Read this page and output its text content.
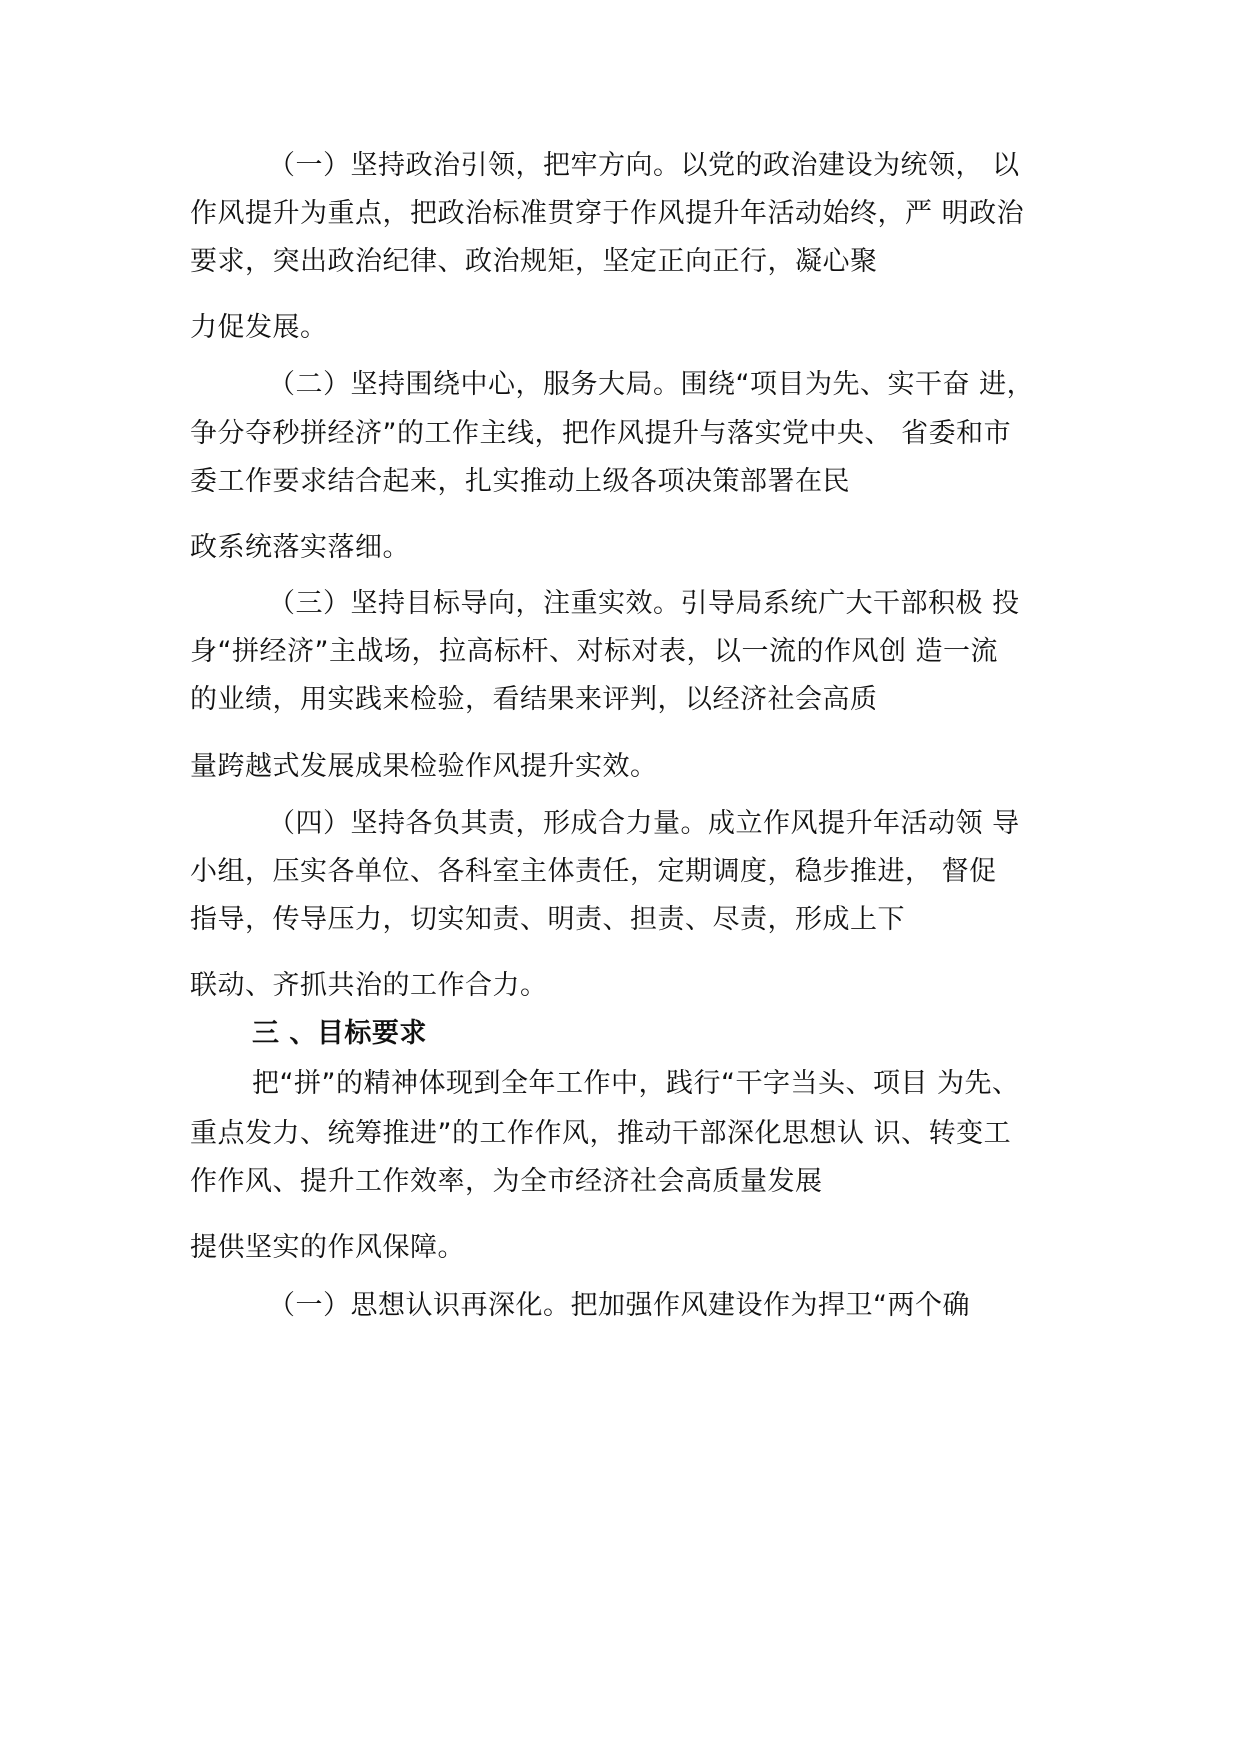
（一）坚持政治引领，把牢方向。以党的政治建设为统领， 以
作风提升为重点，把政治标准贯穿于作风提升年活动始终，严 明政治
要求，突出政治纪律、政治规矩，坚定正向正行，凝心聚
力促发展。
（二）坚持围绕中心，服务大局。围绕“项目为先、实干奋 进，
争分夺秒拼经济”的工作主线，把作风提升与落实党中央、 省委和市
委工作要求结合起来，扎实推动上级各项决策部署在民
政系统落实落细。
（三）坚持目标导向，注重实效。引导局系统广大干部积极 投
身“拼经济”主战场，拉高标杆、对标对表，以一流的作风创 造一流
的业绩，用实践来检验，看结果来评判，以经济社会高质
量跨越式发展成果检验作风提升实效。
（四）坚持各负其责，形成合力量。成立作风提升年活动领 导
小组，压实各单位、各科室主体责任，定期调度，稳步推进， 督促
指导，传导压力，切实知责、明责、担责、尽责，形成上下
联动、齐抓共治的工作合力。
三 、目标要求
把“拼”的精神体现到全年工作中，践行“干字当头、项目 为先、
重点发力、统筹推进”的工作作风，推动干部深化思想认 识、转变工
作作风、提升工作效率，为全市经济社会高质量发展
提供坚实的作风保障。
（一）思想认识再深化。把加强作风建设作为捍卫“两个确
